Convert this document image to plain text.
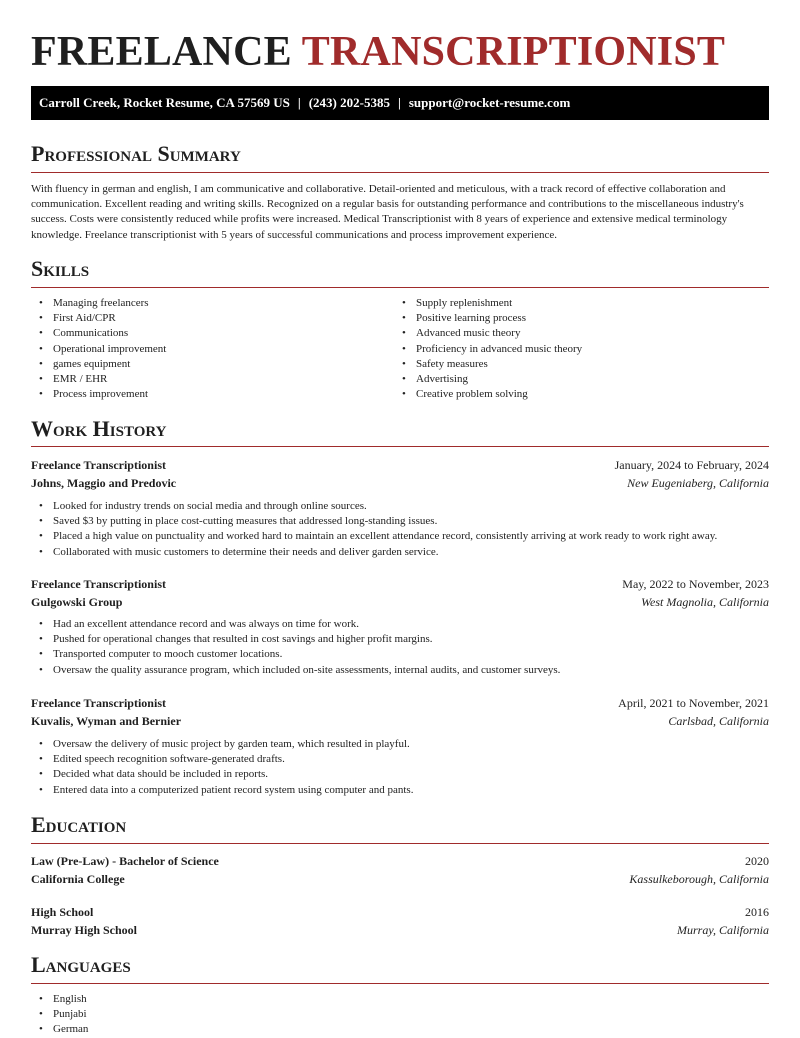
FREELANCE TRANSCRIPTIONIST
Carroll Creek, Rocket Resume, CA 57569 US | (243) 202-5385 | support@rocket-resume.com
Professional Summary

With fluency in german and english, I am communicative and collaborative. Detail-oriented and meticulous, with a track record of effective collaboration and communication. Excellent reading and writing skills. Recognized on a regular basis for outstanding performance and contributions to the miscellaneous industry's success. Costs were consistently reduced while profits were increased. Medical Transcriptionist with 8 years of experience and extensive medical terminology knowledge. Freelance transcriptionist with 5 years of successful communications and process improvement experience.

Skills
• Managing freelancers
• First Aid/CPR
• Communications
• Operational improvement
• games equipment
• EMR / EHR
• Process improvement
• Supply replenishment
• Positive learning process
• Advanced music theory
• Proficiency in advanced music theory
• Safety measures
• Advertising
• Creative problem solving
Work History
Freelance Transcriptionist	January, 2024 to February, 2024
Johns, Maggio and Predovic	New Eugeniaberg, California
• Looked for industry trends on social media and through online sources.
• Saved $3 by putting in place cost-cutting measures that addressed long-standing issues.
• Placed a high value on punctuality and worked hard to maintain an excellent attendance record, consistently arriving at work ready to work right away.
• Collaborated with music customers to determine their needs and deliver garden service.
Freelance Transcriptionist	May, 2022 to November, 2023
Gulgowski Group	West Magnolia, California
• Had an excellent attendance record and was always on time for work.
• Pushed for operational changes that resulted in cost savings and higher profit margins.
• Transported computer to mooch customer locations.
• Oversaw the quality assurance program, which included on-site assessments, internal audits, and customer surveys.
Freelance Transcriptionist	April, 2021 to November, 2021
Kuvalis, Wyman and Bernier	Carlsbad, California
• Oversaw the delivery of music project by garden team, which resulted in playful.
• Edited speech recognition software-generated drafts.
• Decided what data should be included in reports.
• Entered data into a computerized patient record system using computer and pants.
Education
Law (Pre-Law) - Bachelor of Science	2020
California College	Kassulkeborough, California
High School	2016
Murray High School	Murray, California
Languages
• English
• Punjabi
• German
